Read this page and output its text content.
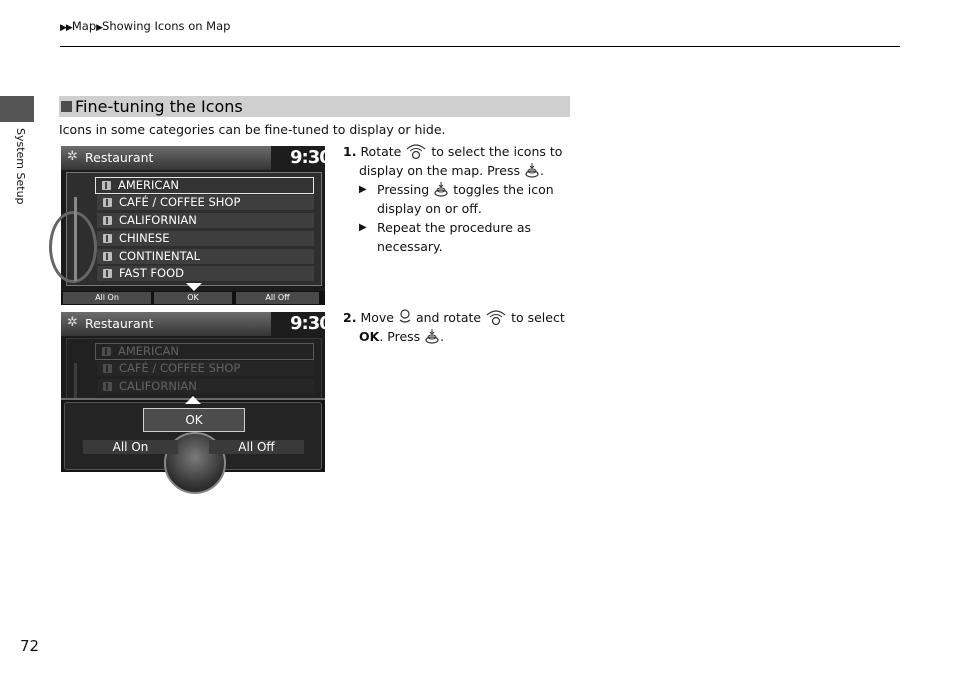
▶▶Map▶Showing Icons on Map
System Setup
72
Fine-tuning the Icons
Icons in some categories can be fine-tuned to display or hide.
✲ Restaurant	9:30
AMERICAN
CAFÉ / COFFEE SHOP
CALIFORNIAN
CHINESE
CONTINENTAL
FAST FOOD
All On	OK	All Off
✲ Restaurant	9:30
AMERICAN
CAFÉ / COFFEE SHOP
CALIFORNIAN
OK
All On	All Off
1. Rotate to select the icons to
display on the map. Press .
▶ Pressing toggles the icon
display on or off.
▶ Repeat the procedure as
necessary.
2. Move and rotate to select
OK. Press .
